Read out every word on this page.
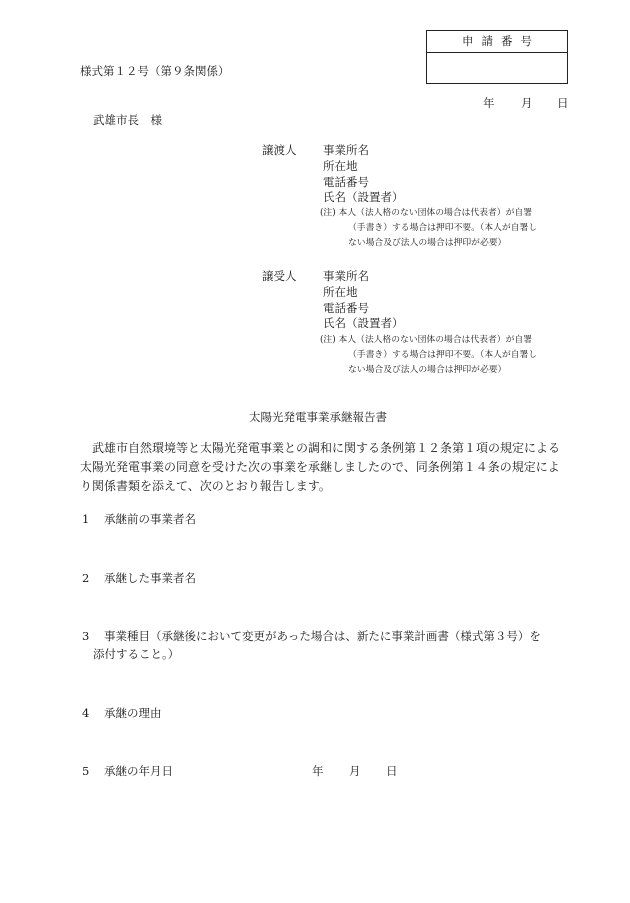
申請番号
様式第１２号（第９条関係）
年 月 日
武雄市長　様
譲渡人 事業所名
所在地
電話番号
氏名（設置者）
(注) 本人（法人格のない団体の場合は代表者）が自署
（手書き）する場合は押印不要。（本人が自署し
ない場合及び法人の場合は押印が必要）
譲受人 事業所名
所在地
電話番号
氏名（設置者）
(注) 本人（法人格のない団体の場合は代表者）が自署
（手書き）する場合は押印不要。（本人が自署し
ない場合及び法人の場合は押印が必要）
太陽光発電事業承継報告書
　武雄市自然環境等と太陽光発電事業との調和に関する条例第１２条第１項の規定による
太陽光発電事業の同意を受けた次の事業を承継しましたので、同条例第１４条の規定によ
り関係書類を添えて、次のとおり報告します。
1 承継前の事業者名
2 承継した事業者名
3 事業種目（承継後において変更があった場合は、新たに事業計画書（様式第３号）を
添付すること。）
4 承継の理由
5 承継の年月日	年 月 日
